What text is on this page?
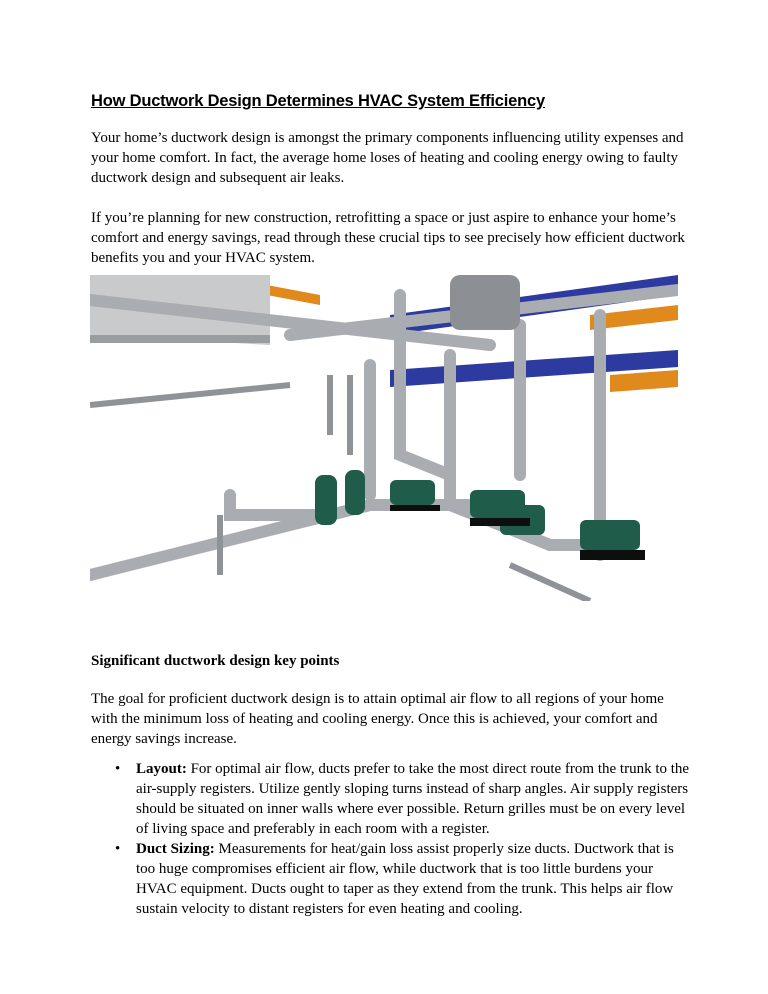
How Ductwork Design Determines HVAC System Efficiency

Your home’s ductwork design is amongst the primary components influencing utility expenses and your home comfort. In fact, the average home loses of heating and cooling energy owing to faulty ductwork design and subsequent air leaks.

If you’re planning for new construction, retrofitting a space or just aspire to enhance your home’s comfort and energy savings, read through these crucial tips to see precisely how efficient ductwork benefits you and your HVAC system.

Significant ductwork design key points

The goal for proficient ductwork design is to attain optimal air flow to all regions of your home with the minimum loss of heating and cooling energy. Once this is achieved, your comfort and energy savings increase.

• Layout: For optimal air flow, ducts prefer to take the most direct route from the trunk to the air-supply registers. Utilize gently sloping turns instead of sharp angles. Air supply registers should be situated on inner walls where ever possible. Return grilles must be on every level of living space and preferably in each room with a register.
• Duct Sizing: Measurements for heat/gain loss assist properly size ducts. Ductwork that is too huge compromises efficient air flow, while ductwork that is too little burdens your HVAC equipment. Ducts ought to taper as they extend from the trunk. This helps air flow sustain velocity to distant registers for even heating and cooling.
